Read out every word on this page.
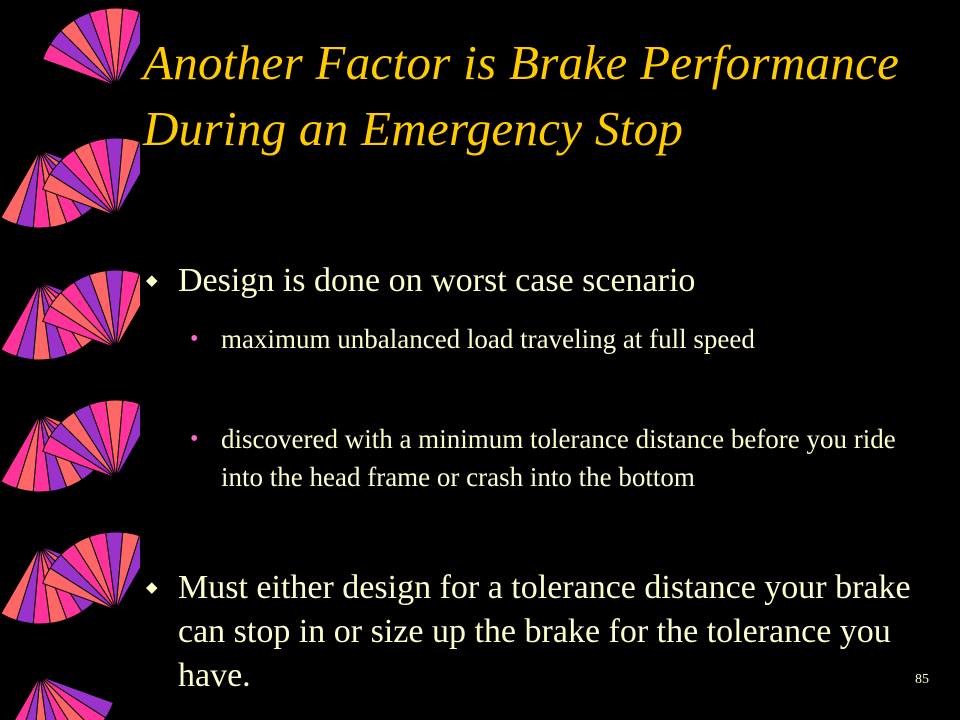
Another Factor is Brake Performance During an Emergency Stop
◆ Design is done on worst case scenario
• maximum unbalanced load traveling at full speed
• discovered with a minimum tolerance distance before you ride into the head frame or crash into the bottom
◆ Must either design for a tolerance distance your brake can stop in or size up the brake for the tolerance you have.	85
